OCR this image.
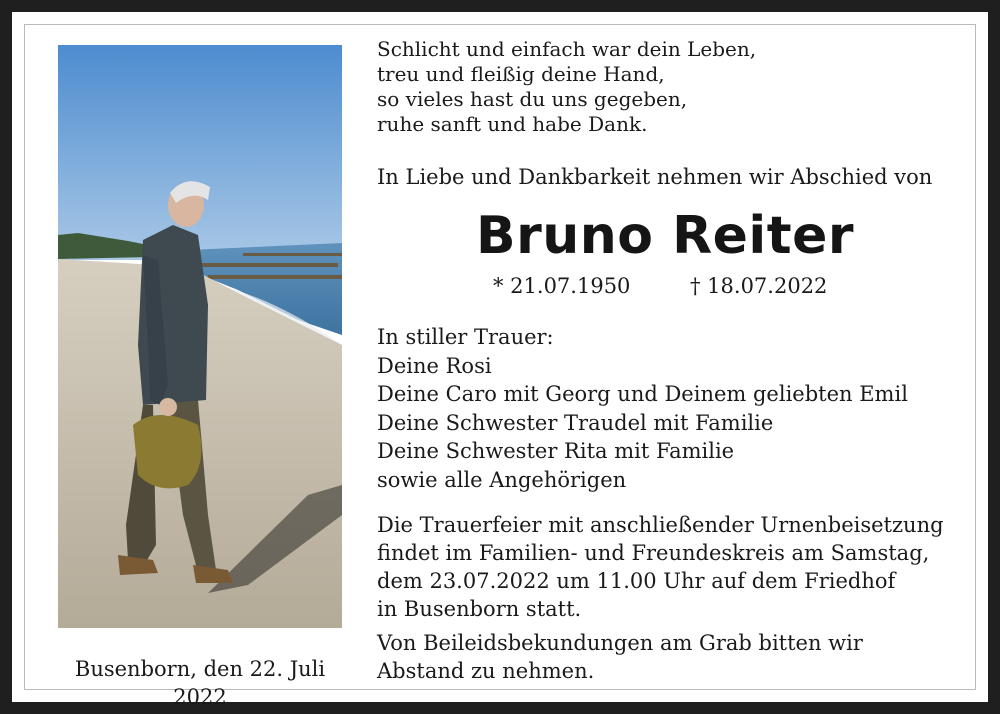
Schlicht und einfach war dein Leben,
treu und fleißig deine Hand,
so vieles hast du uns gegeben,
ruhe sanft und habe Dank.
In Liebe und Dankbarkeit nehmen wir Abschied von
Bruno Reiter
* 21.07.1950	† 18.07.2022
In stiller Trauer:
Deine Rosi
Deine Caro mit Georg und Deinem geliebten Emil
Deine Schwester Traudel mit Familie
Deine Schwester Rita mit Familie
sowie alle Angehörigen
Die Trauerfeier mit anschließender Urnenbeisetzung
findet im Familien- und Freundeskreis am Samstag,
dem 23.07.2022 um 11.00 Uhr auf dem Friedhof
in Busenborn statt.
Von Beileidsbekundungen am Grab bitten wir
Abstand zu nehmen.
Busenborn, den 22. Juli 2022
